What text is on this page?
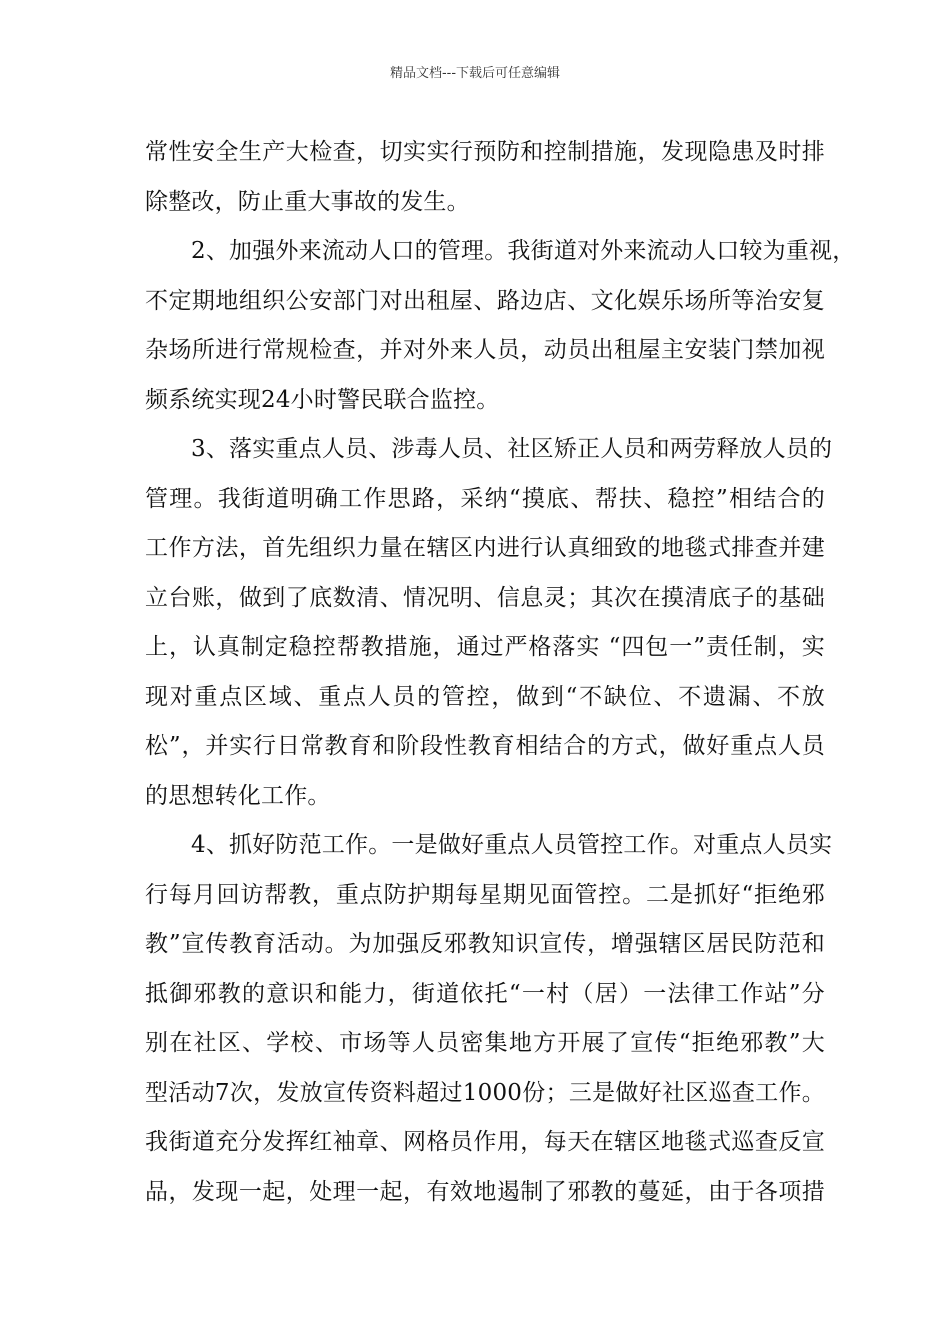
精品文档---下载后可任意编辑
常性安全生产大检查，切实实行预防和控制措施，发现隐患及时排
除整改，防止重大事故的发生。
2、加强外来流动人口的管理。我街道对外来流动人口较为重视，
不定期地组织公安部门对出租屋、路边店、文化娱乐场所等治安复
杂场所进行常规检查，并对外来人员，动员出租屋主安装门禁加视
频系统实现24小时警民联合监控。
3、落实重点人员、涉毒人员、社区矫正人员和两劳释放人员的
管理。我街道明确工作思路，采纳“摸底、帮扶、稳控”相结合的
工作方法，首先组织力量在辖区内进行认真细致的地毯式排查并建
立台账，做到了底数清、情况明、信息灵；其次在摸清底子的基础
上，认真制定稳控帮教措施，通过严格落实 “四包一”责任制，实
现对重点区域、重点人员的管控，做到“不缺位、不遗漏、不放
松”，并实行日常教育和阶段性教育相结合的方式，做好重点人员
的思想转化工作。
4、抓好防范工作。一是做好重点人员管控工作。对重点人员实
行每月回访帮教，重点防护期每星期见面管控。二是抓好“拒绝邪
教”宣传教育活动。为加强反邪教知识宣传，增强辖区居民防范和
抵御邪教的意识和能力，街道依托“一村（居）一法律工作站”分
别在社区、学校、市场等人员密集地方开展了宣传“拒绝邪教”大
型活动7次，发放宣传资料超过1000份；三是做好社区巡查工作。
我街道充分发挥红袖章、网格员作用，每天在辖区地毯式巡查反宣
品，发现一起，处理一起，有效地遏制了邪教的蔓延，由于各项措
